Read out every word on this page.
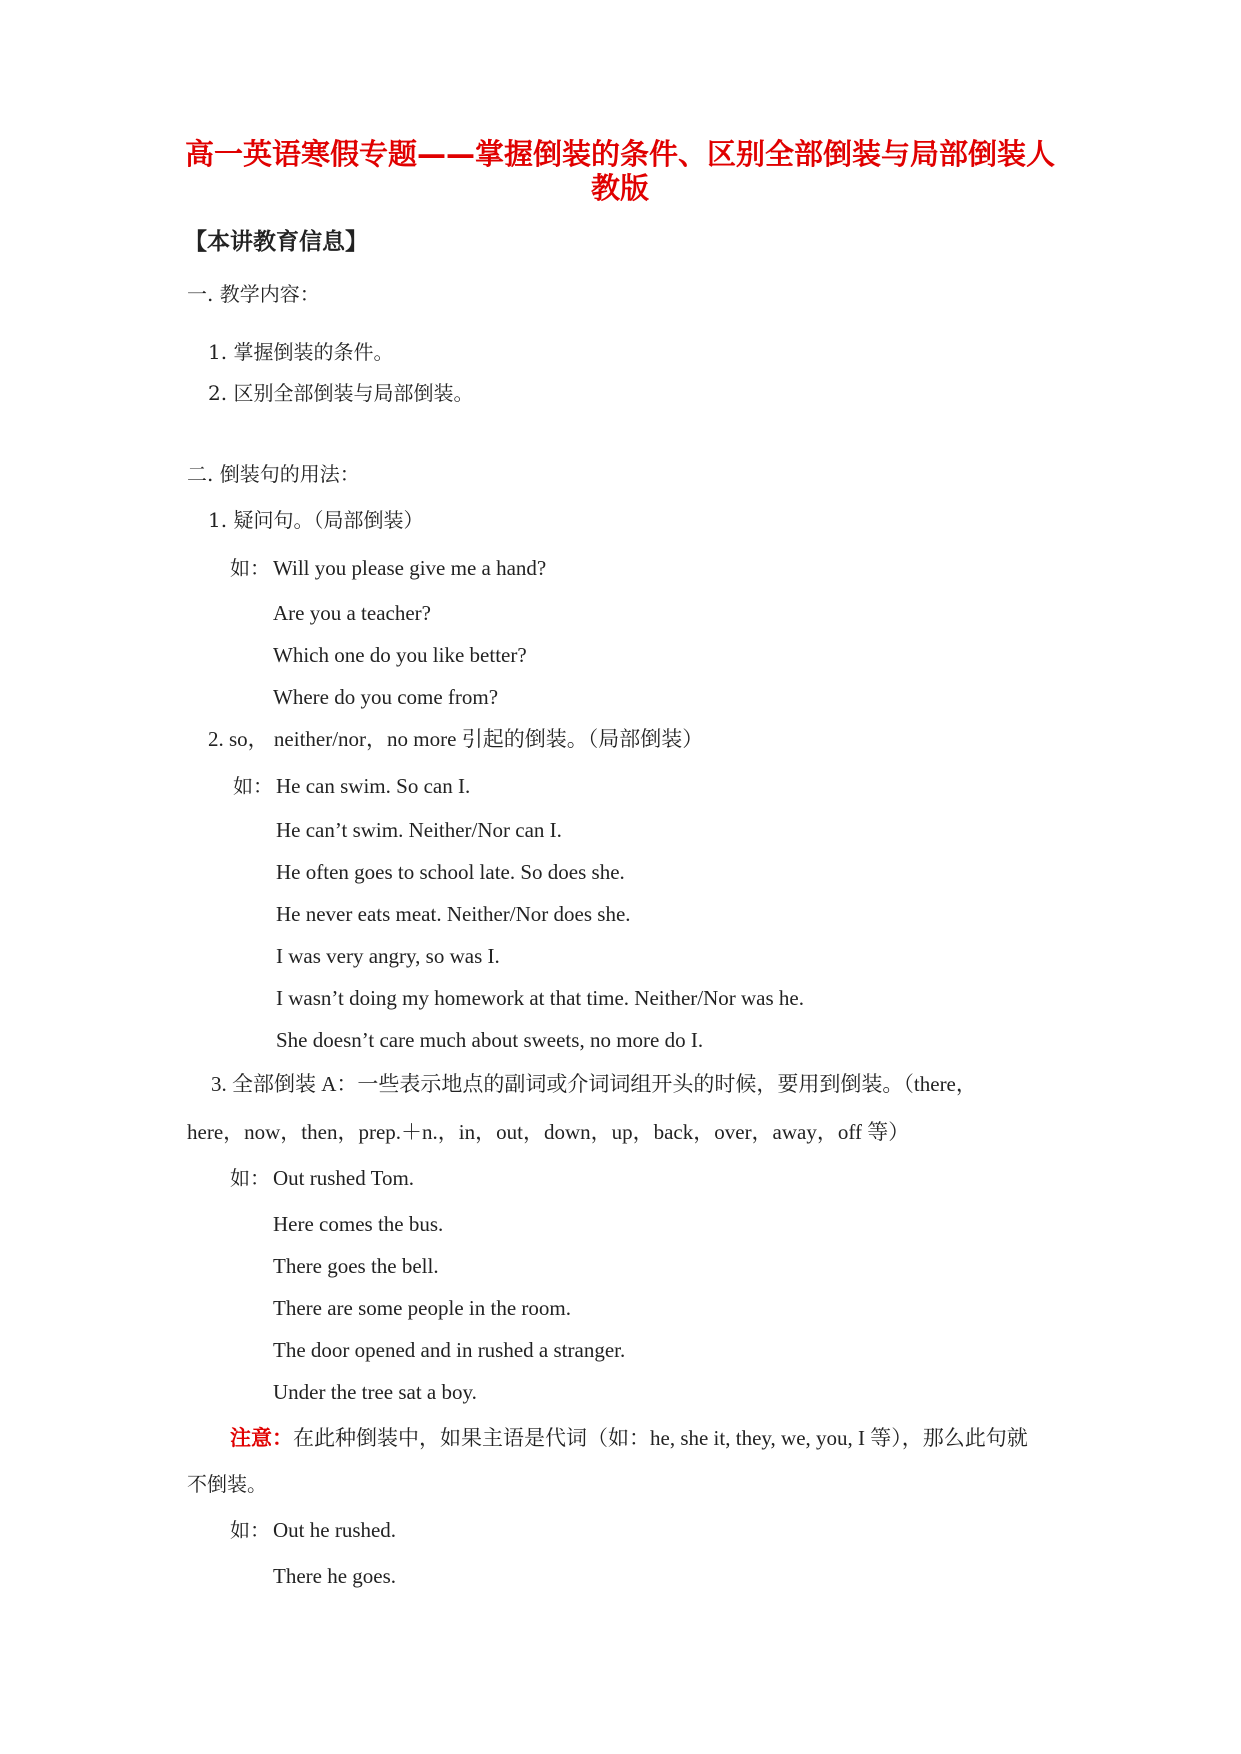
高一英语寒假专题——掌握倒装的条件、区别全部倒装与局部倒装人
教版
【本讲教育信息】
一. 教学内容：
1. 掌握倒装的条件。
2. 区别全部倒装与局部倒装。
二. 倒装句的用法：
1. 疑问句。（局部倒装）
如： Will you please give me a hand?
Are you a teacher?
Which one do you like better?
Where do you come from?
2. so， neither/nor，no more 引起的倒装。（局部倒装）
如： He can swim. So can I.
He can’t swim. Neither/Nor can I.
He often goes to school late. So does she.
He never eats meat. Neither/Nor does she.
I was very angry, so was I.
I wasn’t doing my homework at that time. Neither/Nor was he.
She doesn’t care much about sweets, no more do I.
3. 全部倒装 A：一些表示地点的副词或介词词组开头的时候，要用到倒装。（there，
here，now，then，prep.＋n.，in，out，down，up，back，over，away，off 等）
如： Out rushed Tom.
Here comes the bus.
There goes the bell.
There are some people in the room.
The door opened and in rushed a stranger.
Under the tree sat a boy.
注意：在此种倒装中，如果主语是代词（如：he, she it, they, we, you, I 等），那么此句就
不倒装。
如： Out he rushed.
There he goes.
